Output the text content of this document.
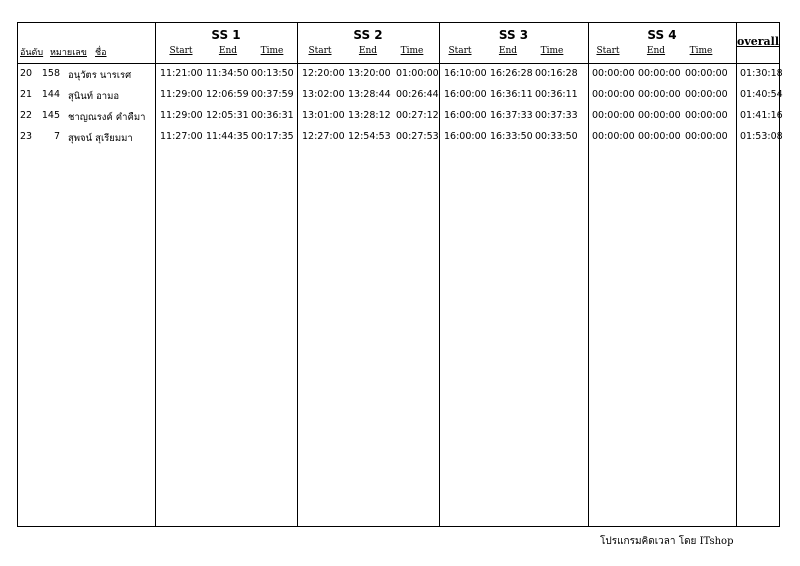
อันดับ หมายเลข ชื่อ
SS 1
Start	End	Time
SS 2
Start	End	Time
SS 3
Start	End	Time
SS 4
Start	End	Time
overall
20	158 อนุวัตร นารเรศ	11:21:00 11:34:50 00:13:50 12:20:00 13:20:00 01:00:00 16:10:00 16:26:28 00:16:28 00:00:00 00:00:00 00:00:00 01:30:18
21	144 สุนินท์ อามอ	11:29:00 12:06:59 00:37:59 13:02:00 13:28:44 00:26:44 16:00:00 16:36:11 00:36:11 00:00:00 00:00:00 00:00:00 01:40:54
22	145 ชาญณรงค์ คำคืมา 11:29:00 12:05:31 00:36:31 13:01:00 13:28:12 00:27:12 16:00:00 16:37:33 00:37:33 00:00:00 00:00:00 00:00:00 01:41:16
23	7 สุพจน์ สุเรียมมา	11:27:00 11:44:35 00:17:35 12:27:00 12:54:53 00:27:53 16:00:00 16:33:50 00:33:50 00:00:00 00:00:00 00:00:00 01:53:08
โปรแกรมคิดเวลา โดย ITshop
